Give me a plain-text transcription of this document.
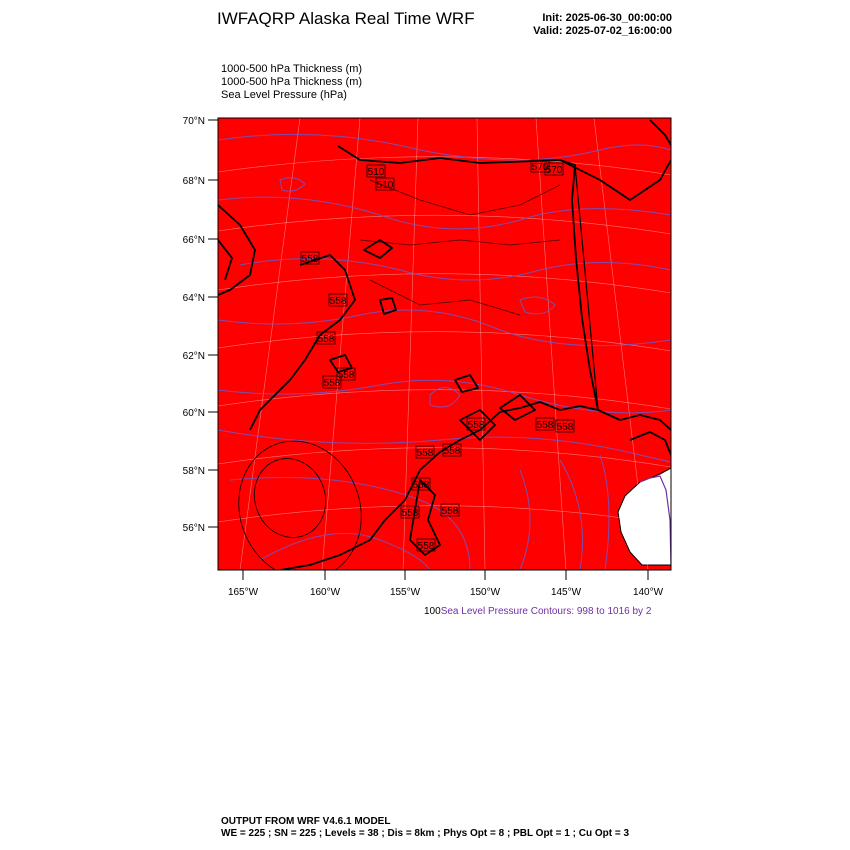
IWFAQRP Alaska Real Time WRF	Init: 2025-06-30_00:00:00
Valid: 2025-07-02_16:00:00
1000-500 hPa Thickness (m)
1000-500 hPa Thickness (m)
Sea Level Pressure (hPa)
510
510
570
570
558
558
558
558
558
558	558 558
558 558
558
558
558
558
70°N
68°N
66°N
64°N
62°N
60°N
58°N
56°N
165°W	160°W	155°W	150°W	145°W	140°W
100Sea Level Pressure Contours: 998 to 1016 by 2
OUTPUT FROM WRF V4.6.1 MODEL
WE = 225 ; SN = 225 ; Levels = 38 ; Dis = 8km ; Phys Opt = 8 ; PBL Opt = 1 ; Cu Opt = 3
